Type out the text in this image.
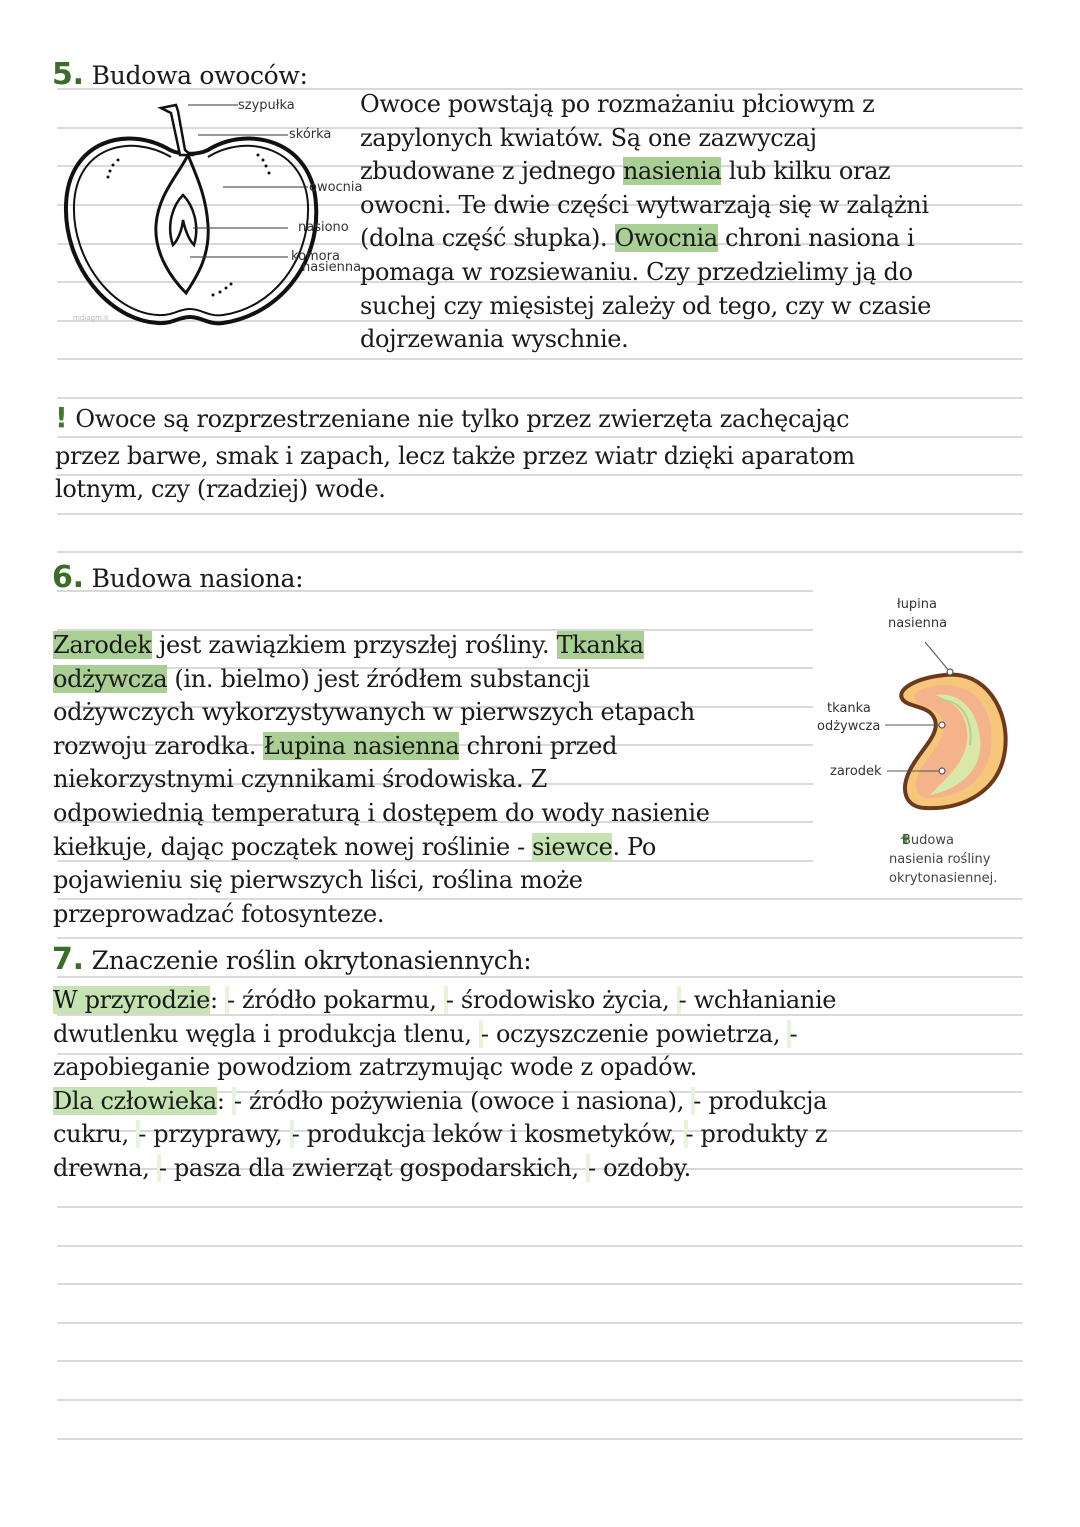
5. Budowa owoców:
szypułka
skórka
owocnia
nasiono
komora
nasienna
mdiagm.it
Owoce powstają po rozmażaniu płciowym z
zapylonych kwiatów. Są one zazwyczaj
zbudowane z jednego nasienia lub kilku oraz
owocni. Te dwie części wytwarzają się w zalążni
(dolna część słupka). Owocnia chroni nasiona i
pomaga w rozsiewaniu. Czy przedzielimy ją do
suchej czy mięsistej zależy od tego, czy w czasie
dojrzewania wyschnie.
! Owoce są rozprzestrzeniane nie tylko przez zwierzęta zachęcając
przez barwe, smak i zapach, lecz także przez wiatr dzięki aparatom
lotnym, czy (rzadziej) wode.
6. Budowa nasiona:
Zarodek jest zawiązkiem przyszłej rośliny. Tkanka
odżywcza (in. bielmo) jest źródłem substancji
odżywczych wykorzystywanych w pierwszych etapach
rozwoju zarodka. Łupina nasienna chroni przed
niekorzystnymi czynnikami środowiska. Z
odpowiednią temperaturą i dostępem do wody nasienie
kiełkuje, dając początek nowej roślinie - siewce. Po
pojawieniu się pierwszych liści, roślina może
przeprowadzać fotosynteze.
łupina
nasienna
tkanka
odżywcza
zarodek
Budowa
nasienia rośliny
okrytonasiennej.
7. Znaczenie roślin okrytonasiennych:
W przyrodzie: - źródło pokarmu, - środowisko życia, - wchłanianie
dwutlenku węgla i produkcja tlenu, - oczyszczenie powietrza, -
zapobieganie powodziom zatrzymując wode z opadów.
Dla człowieka: - źródło pożywienia (owoce i nasiona), - produkcja
cukru, - przyprawy, - produkcja leków i kosmetyków, - produkty z
drewna, - pasza dla zwierząt gospodarskich, - ozdoby.
